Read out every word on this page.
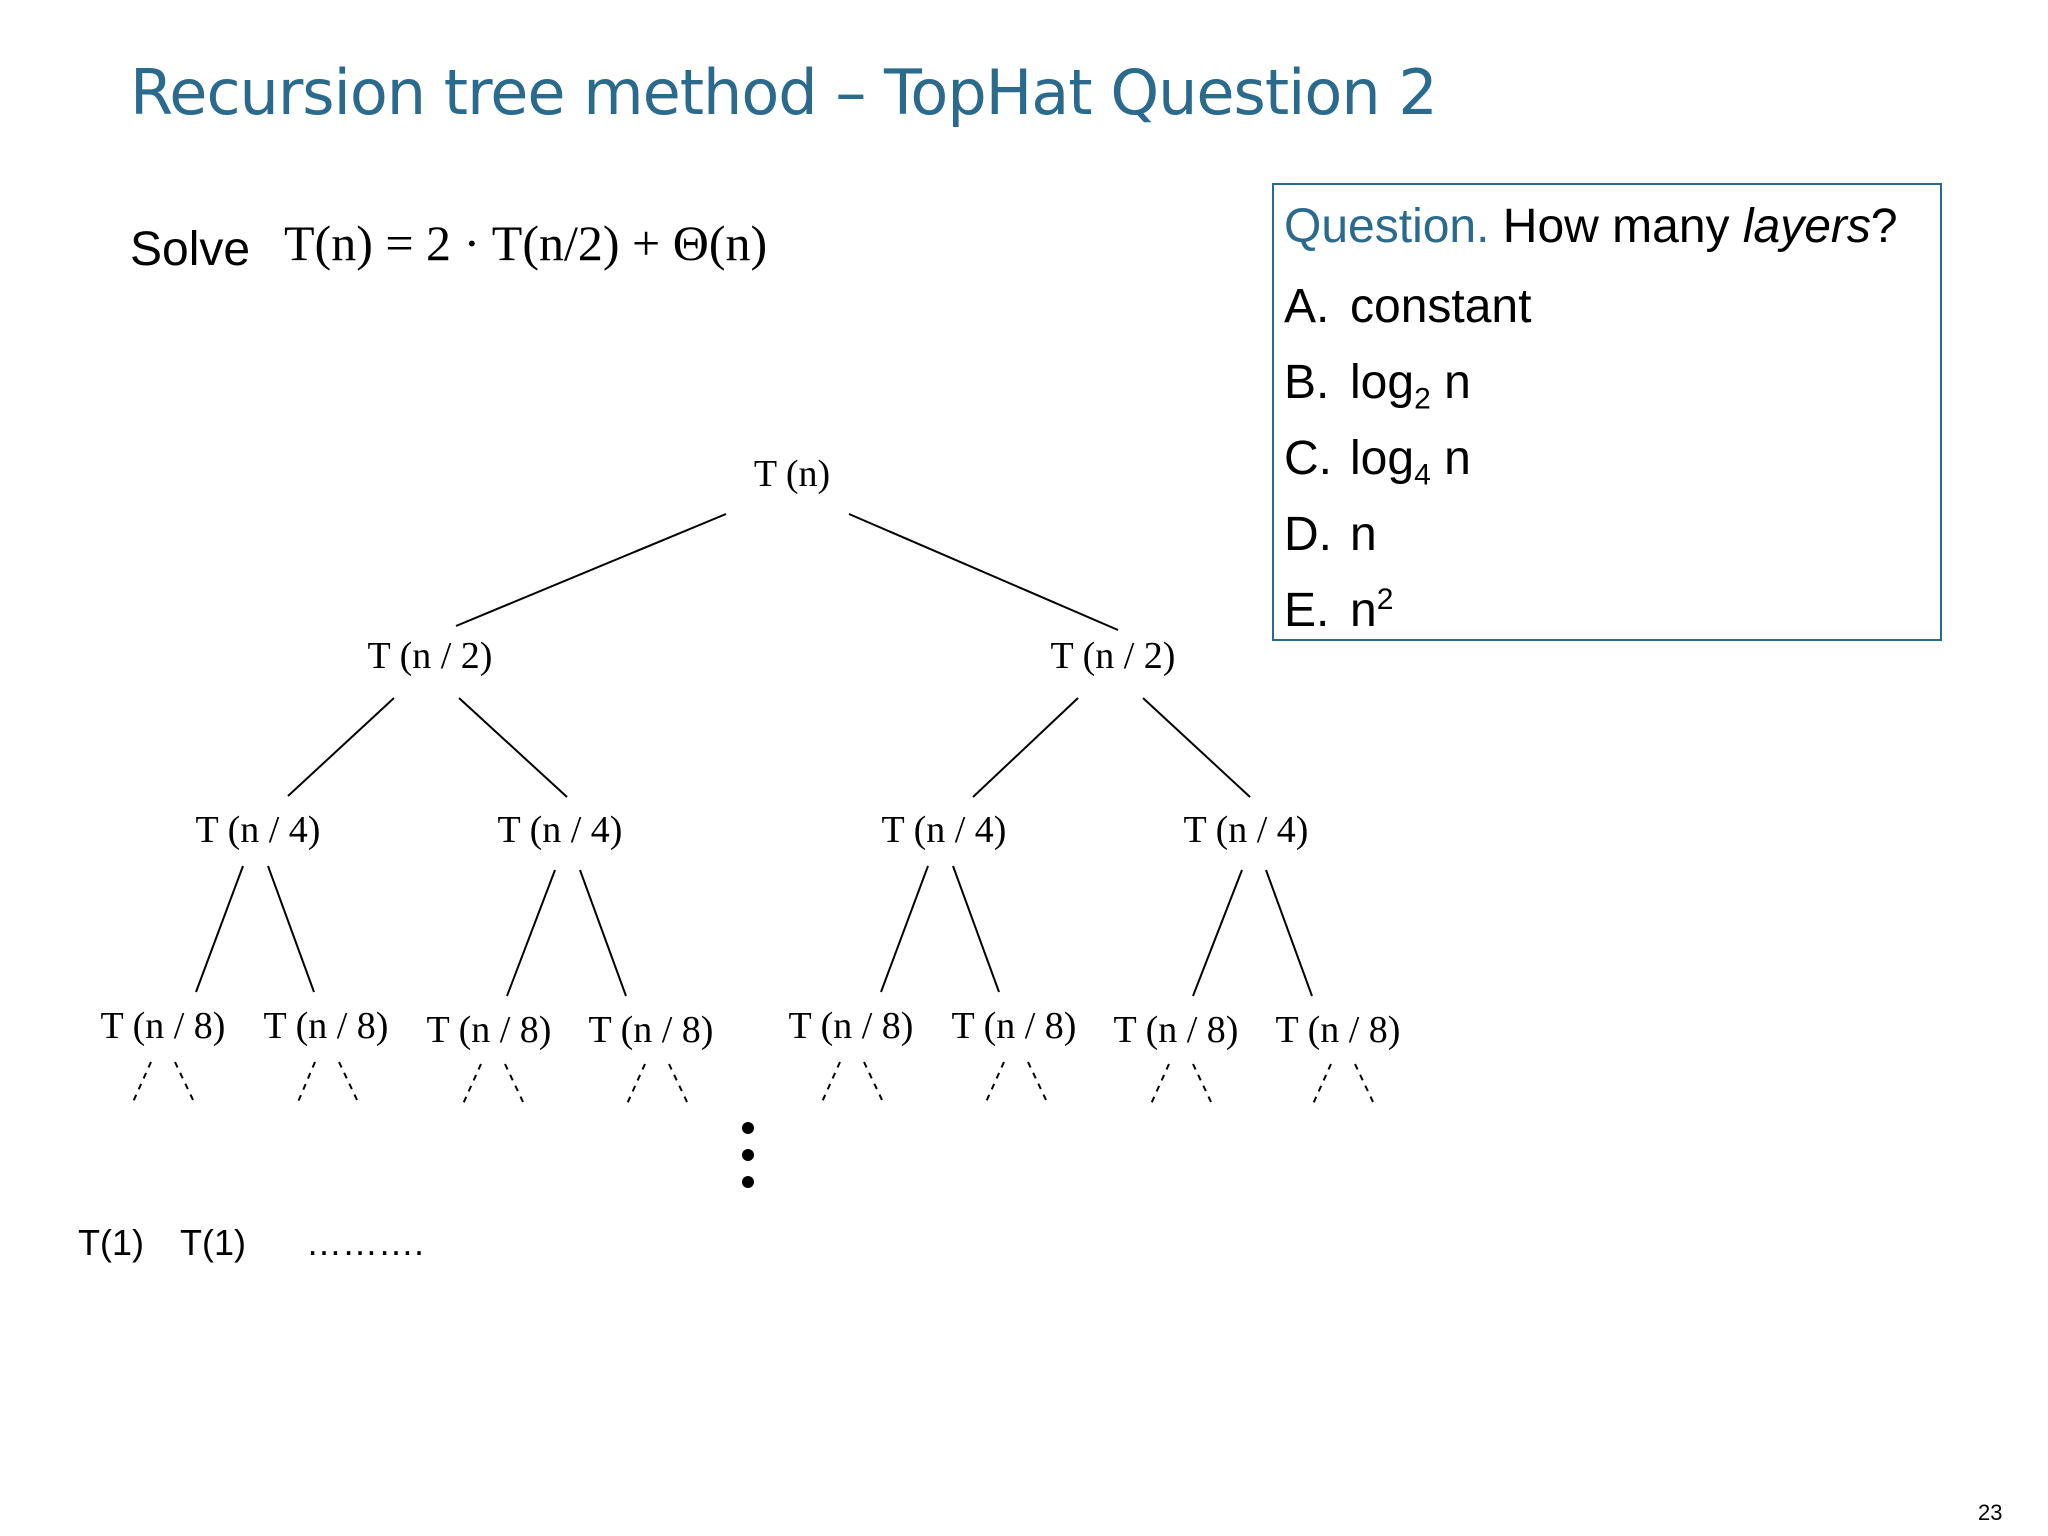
Recursion tree method – TopHat Question 2
Solve T(n) = 2 · T(n/2) + Θ(n)	Question. How many layers?
A. constant
B. $\log_2 n$
C. $\log_4 n$
D. n
E. $n^2$
T (n)
T (n / 2)	T (n / 2)
T (n / 4)	T (n / 4)	T (n / 4)	T (n / 4)
T (n / 8) T (n / 8) T (n / 8) T (n / 8) T (n / 8) T (n / 8) T (n / 8) T (n / 8)
T(1) T(1) ……….
23
